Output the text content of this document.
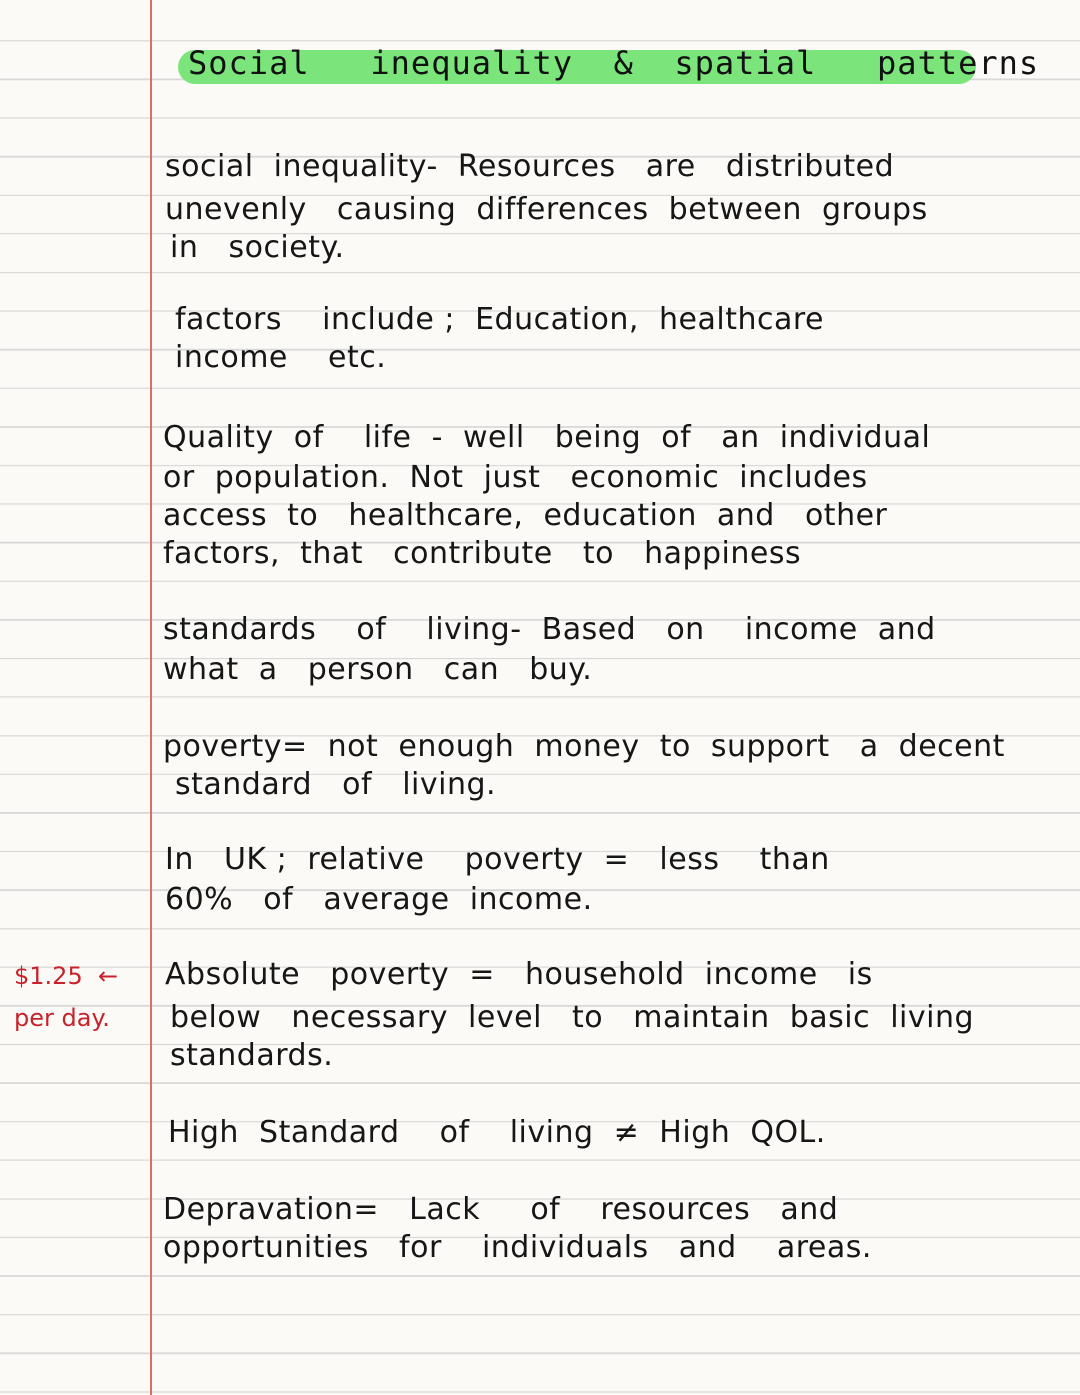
Social   inequality  &  spatial   patterns
social  inequality-  Resources   are   distributed
unevenly   causing  differences  between  groups
in   society.
factors    include ;  Education,  healthcare
income    etc.
Quality  of    life  -  well   being  of   an  individual
or  population.  Not  just   economic  includes
access  to   healthcare,  education  and   other
factors,  that   contribute   to   happiness
standards    of    living-  Based   on    income  and
what  a   person   can   buy.
poverty=  not  enough  money  to  support   a  decent
standard   of   living.
In   UK ;  relative    poverty  =   less    than
60%   of   average  income.
$1.25  ←
per day.
Absolute   poverty  =   household  income   is
below   necessary  level   to   maintain  basic  living
standards.
High  Standard    of    living  ≠  High  QOL.
Depravation=   Lack     of    resources   and
opportunities   for    individuals   and    areas.
